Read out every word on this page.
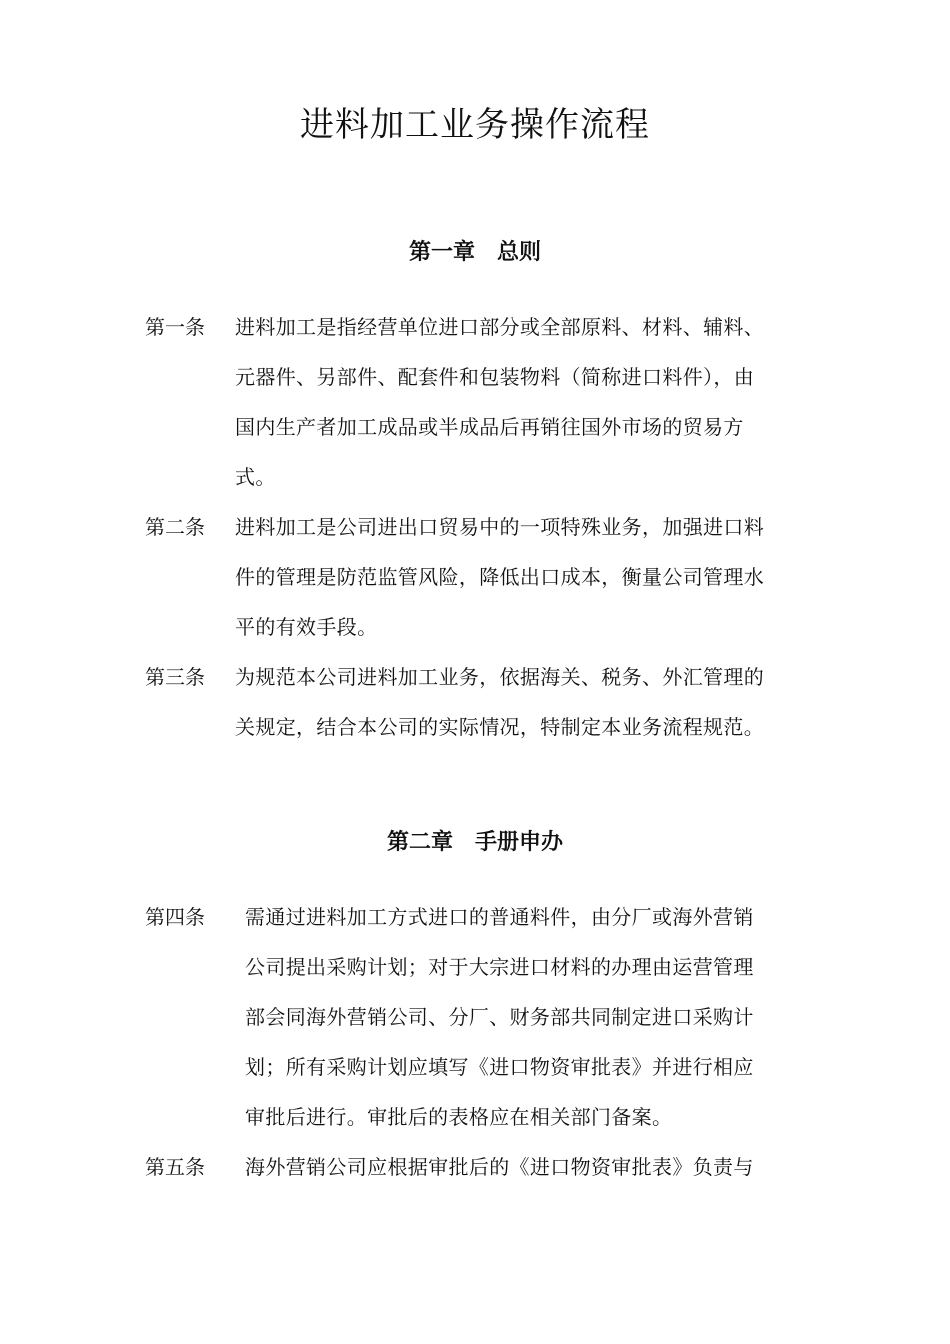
进料加工业务操作流程
第一章　总则
第一条 进料加工是指经营单位进口部分或全部原料、材料、辅料、
元器件、另部件、配套件和包装物料（简称进口料件），由
国内生产者加工成品或半成品后再销往国外市场的贸易方
式。
第二条 进料加工是公司进出口贸易中的一项特殊业务，加强进口料
件的管理是防范监管风险，降低出口成本，衡量公司管理水
平的有效手段。
第三条 为规范本公司进料加工业务，依据海关、税务、外汇管理的
关规定，结合本公司的实际情况，特制定本业务流程规范。
第二章　手册申办
第四条 需通过进料加工方式进口的普通料件，由分厂或海外营销
公司提出采购计划；对于大宗进口材料的办理由运营管理
部会同海外营销公司、分厂、财务部共同制定进口采购计
划；所有采购计划应填写《进口物资审批表》并进行相应
审批后进行。审批后的表格应在相关部门备案。
第五条 海外营销公司应根据审批后的《进口物资审批表》负责与
